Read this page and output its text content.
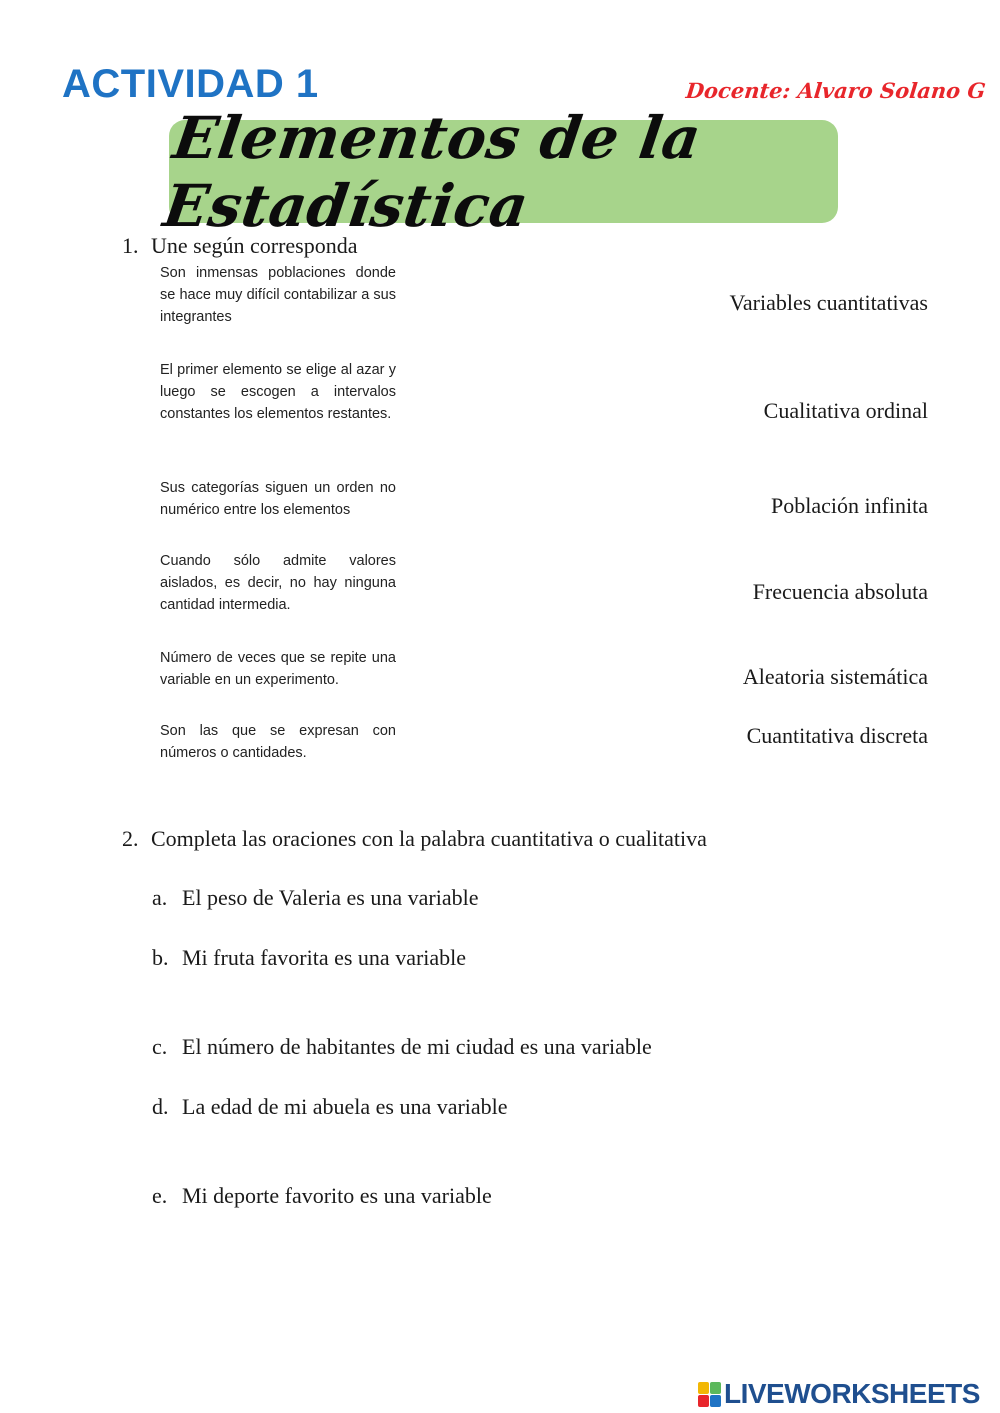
ACTIVIDAD 1	Docente: Alvaro Solano G
Elementos de la Estadística
1. Une según corresponda
Son inmensas poblaciones donde se hace muy difícil contabilizar a sus integrantes
El primer elemento se elige al azar y luego se escogen a intervalos constantes los elementos restantes.
Sus categorías siguen un orden no numérico entre los elementos
Cuando sólo admite valores aislados, es decir, no hay ninguna cantidad intermedia.
Número de veces que se repite una variable en un experimento.
Son las que se expresan con números o cantidades.
Variables cuantitativas
Cualitativa ordinal
Población infinita
Frecuencia absoluta
Aleatoria sistemática
Cuantitativa discreta
2. Completa las oraciones con la palabra cuantitativa o cualitativa
a. El peso de Valeria es una variable
b. Mi fruta favorita es una variable
c. El número de habitantes de mi ciudad es una variable
d. La edad de mi abuela es una variable
e. Mi deporte favorito es una variable
LIVEWORKSHEETS
